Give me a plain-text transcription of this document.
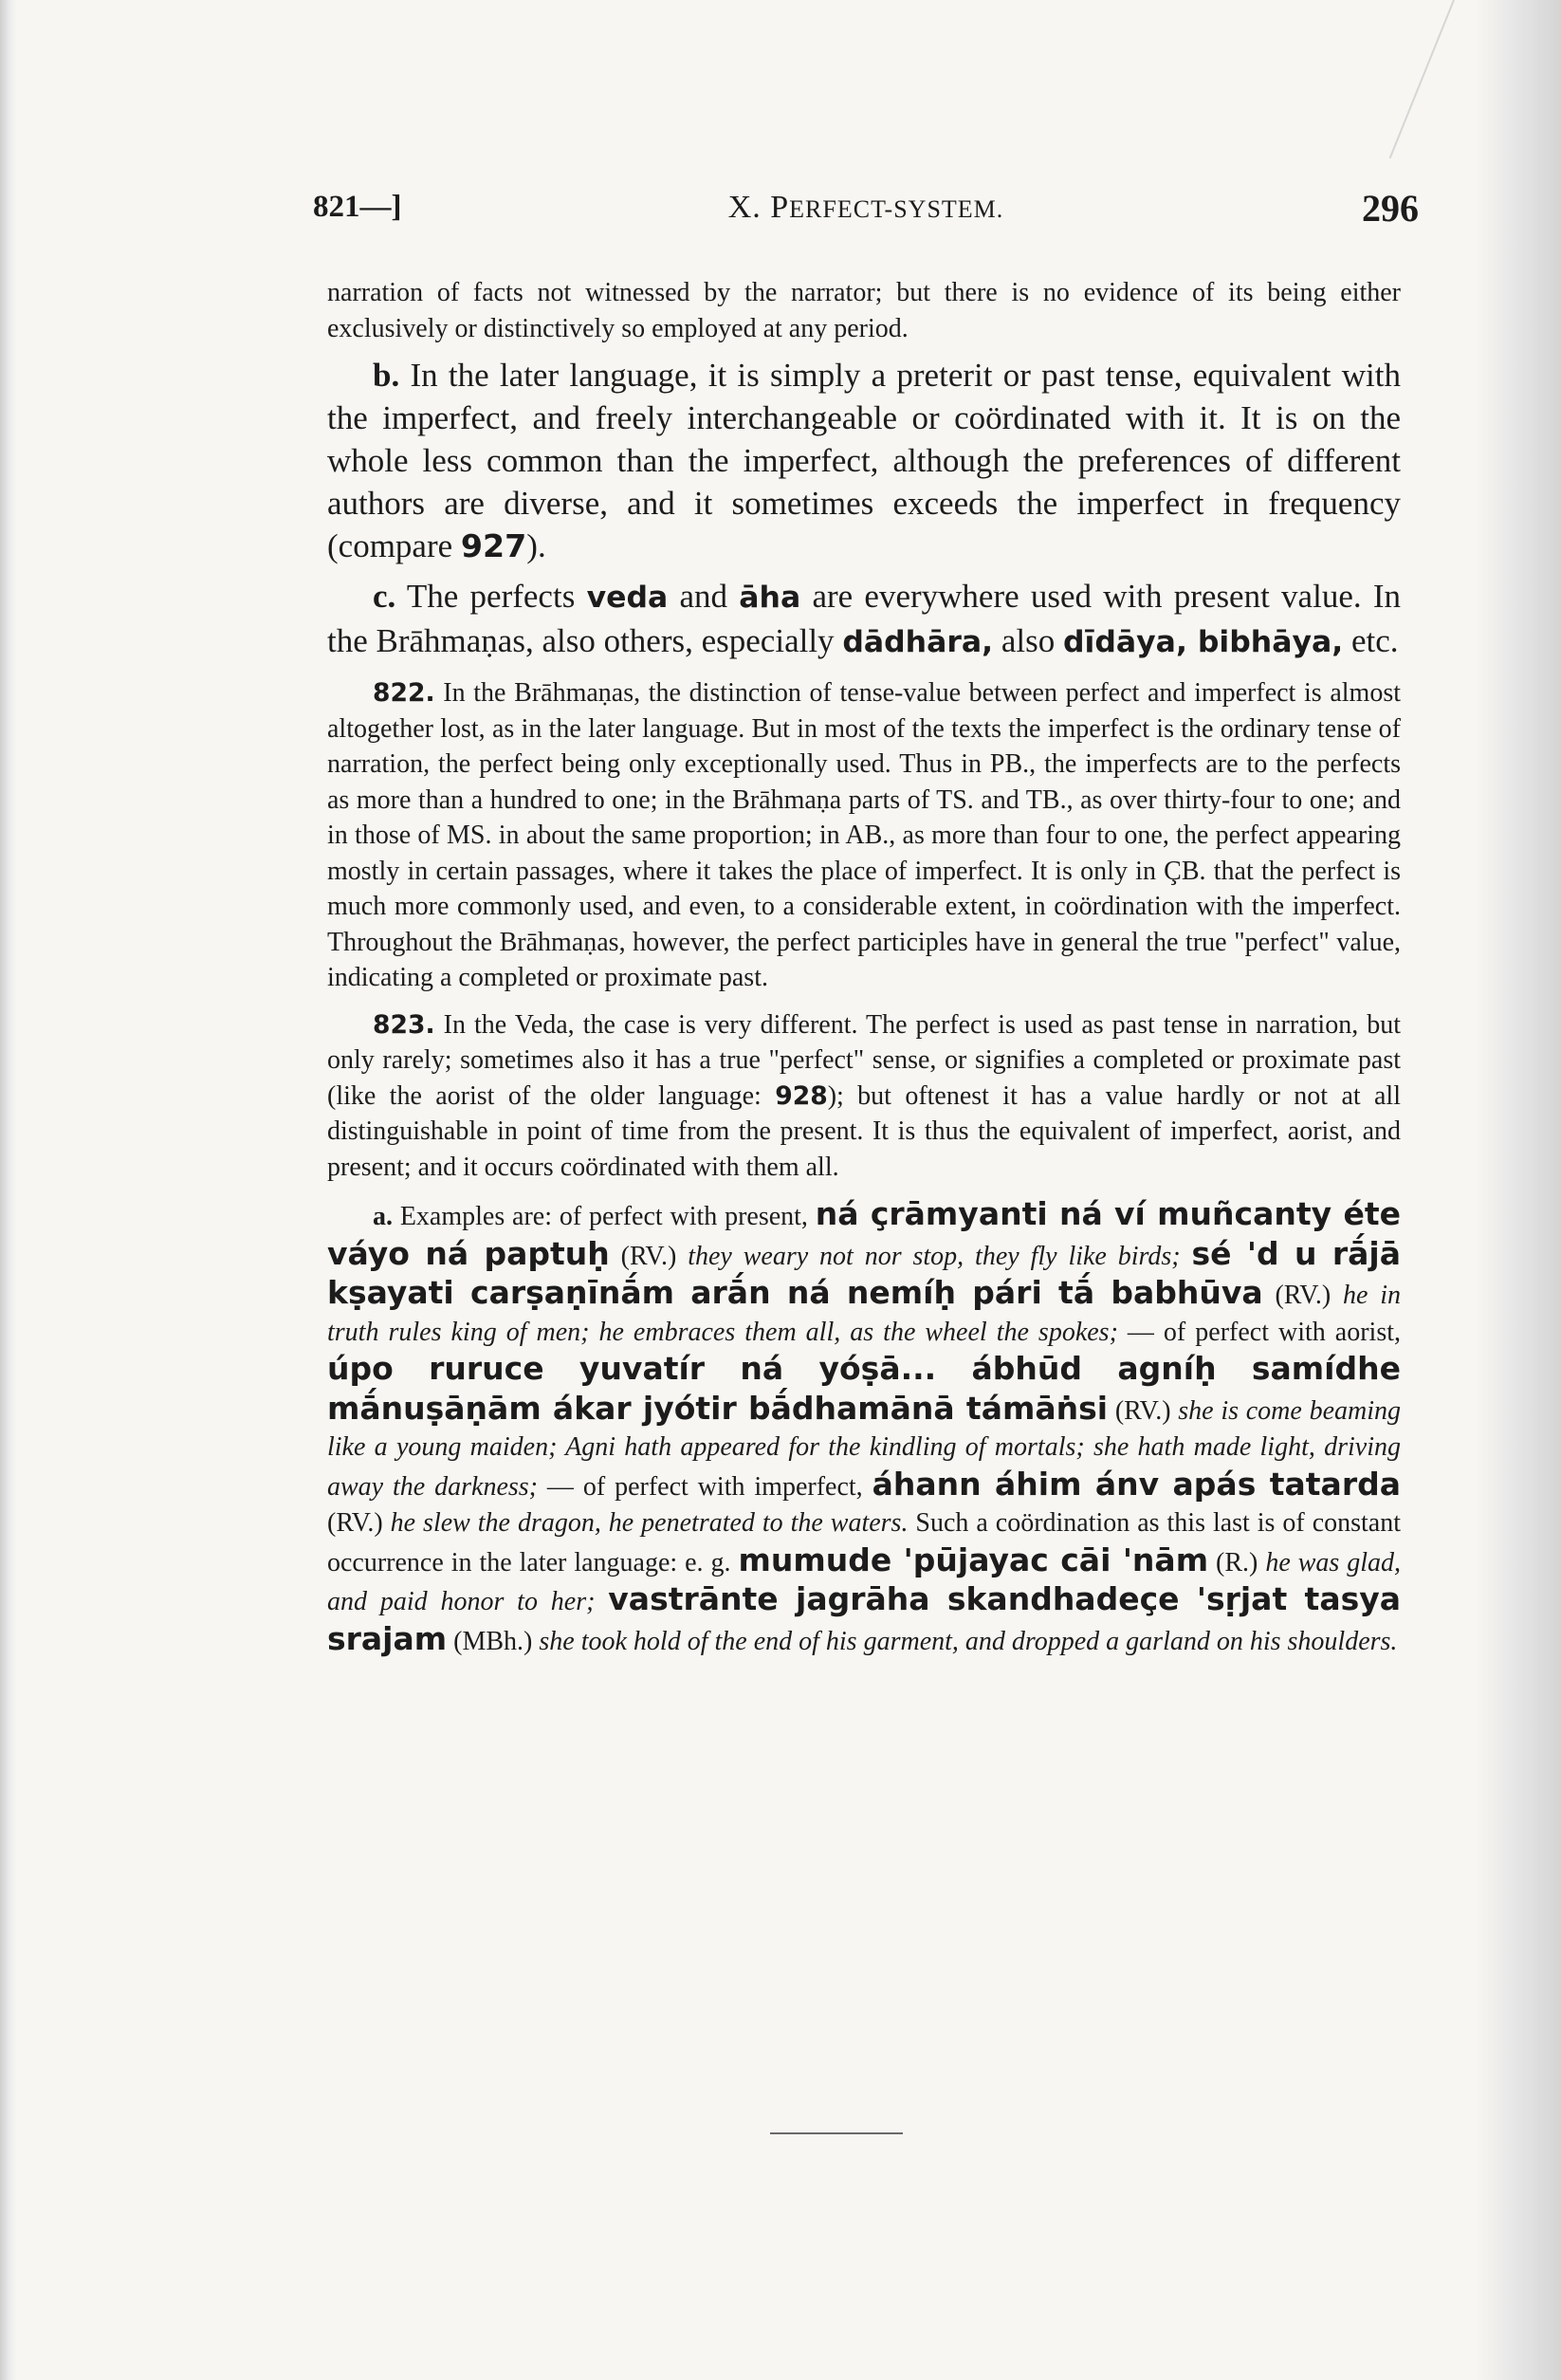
821—]	X. PERFECT-SYSTEM.	296

narration of facts not witnessed by the narrator; but there is no evidence of its being either exclusively or distinctively so employed at any period.

b. In the later language, it is simply a preterit or past tense, equivalent with the imperfect, and freely interchangeable or coördinated with it. It is on the whole less common than the imperfect, although the preferences of different authors are diverse, and it sometimes exceeds the imperfect in frequency (compare 927).

c. The perfects veda and āha are everywhere used with present value. In the Brāhmaṇas, also others, especially dādhāra, also dīdāya, bibhāya, etc.

822. In the Brāhmaṇas, the distinction of tense-value between perfect and imperfect is almost altogether lost, as in the later language. But in most of the texts the imperfect is the ordinary tense of narration, the perfect being only exceptionally used. Thus in PB., the imperfects are to the perfects as more than a hundred to one; in the Brāhmaṇa parts of TS. and TB., as over thirty-four to one; and in those of MS. in about the same proportion; in AB., as more than four to one, the perfect appearing mostly in certain passages, where it takes the place of imperfect. It is only in ÇB. that the perfect is much more commonly used, and even, to a considerable extent, in coördination with the imperfect. Throughout the Brāhmaṇas, however, the perfect participles have in general the true "perfect" value, indicating a completed or proximate past.

823. In the Veda, the case is very different. The perfect is used as past tense in narration, but only rarely; sometimes also it has a true "perfect" sense, or signifies a completed or proximate past (like the aorist of the older language: 928); but oftenest it has a value hardly or not at all distinguishable in point of time from the present. It is thus the equivalent of imperfect, aorist, and present; and it occurs coördinated with them all.

a. Examples are: of perfect with present, ná çrāmyanti ná ví muñcanty éte váyo ná paptuḥ (RV.) they weary not nor stop, they fly like birds; sé 'd u rā́jā kṣayati carṣaṇīnā́m arā́n ná nemíḥ pári tā́ babhūva (RV.) he in truth rules king of men; he embraces them all, as the wheel the spokes; — of perfect with aorist, úpo ruruce yuvatír ná yóṣā... ábhūd agníḥ samídhe mā́nuṣāṇām ákar jyótir bā́dhamānā támāṅsi (RV.) she is come beaming like a young maiden; Agni hath appeared for the kindling of mortals; she hath made light, driving away the darkness; — of perfect with imperfect, áhann áhim ánv apás tatarda (RV.) he slew the dragon, he penetrated to the waters. Such a coördination as this last is of constant occurrence in the later language: e. g. mumude 'pūjayac cāi 'nām (R.) he was glad, and paid honor to her; vastrānte jagrāha skandhadeçe 'sṛjat tasya srajam (MBh.) she took hold of the end of his garment, and dropped a garland on his shoulders.
